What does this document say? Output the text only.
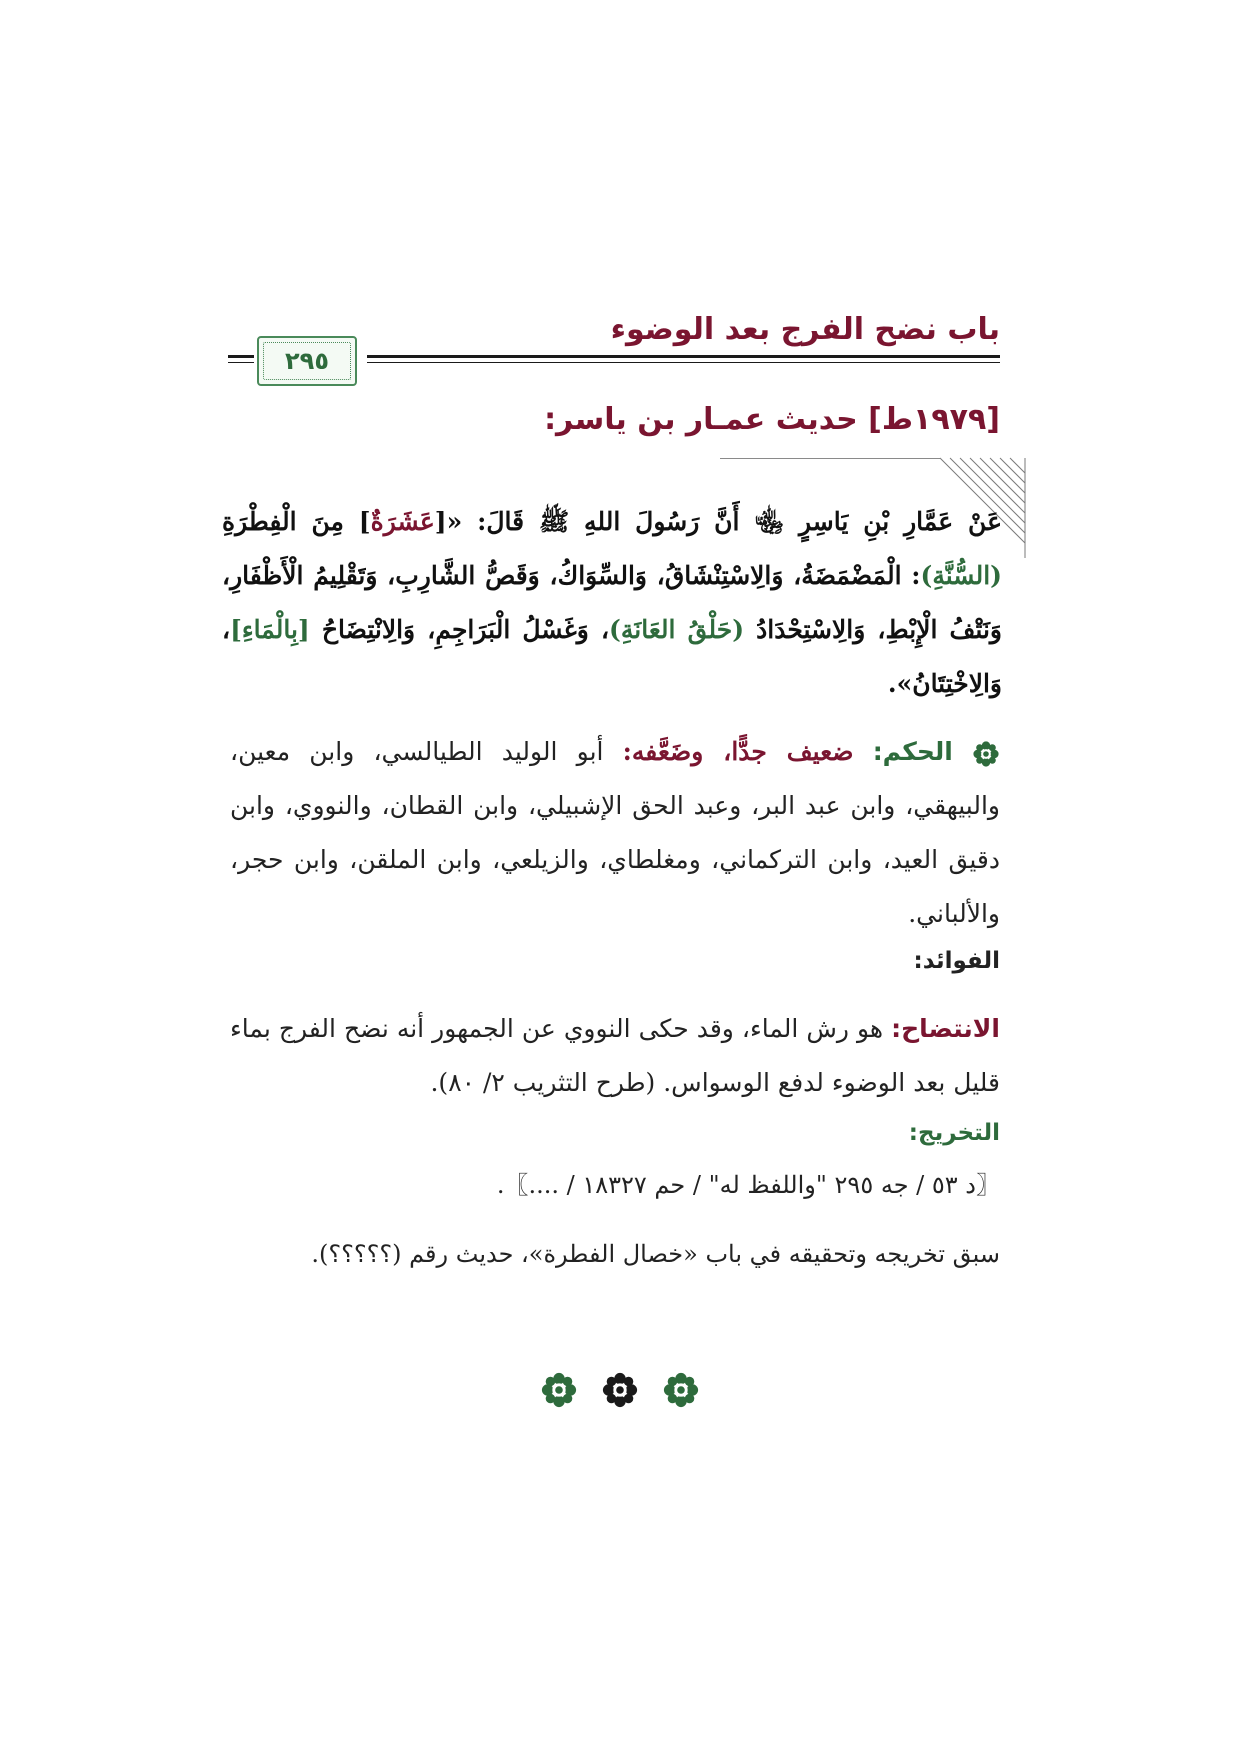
باب نضح الفرج بعد الوضوء
٢٩٥
[١٩٧٩ط] حديث عمـار بن ياسر:
عَنْ عَمَّارِ بْنِ يَاسِرٍ ﵄ أَنَّ رَسُولَ اللهِ ﷺ قَالَ: «[عَشَرَةٌ] مِنَ الْفِطْرَةِ (السُّنَّةِ): الْمَضْمَضَةُ، وَالِاسْتِنْشَاقُ، وَالسِّوَاكُ، وَقَصُّ الشَّارِبِ، وَتَقْلِيمُ الْأَظْفَارِ، وَنَتْفُ الْإِبْطِ، وَالِاسْتِحْدَادُ (حَلْقُ العَانَةِ)، وَغَسْلُ الْبَرَاجِمِ، وَالِانْتِضَاحُ [بِالْمَاءِ]، وَالِاخْتِتَانُ».
الحكم: ضعيف جدًّا، وضَعَّفه: أبو الوليد الطيالسي، وابن معين، والبيهقي، وابن عبد البر، وعبد الحق الإشبيلي، وابن القطان، والنووي، وابن دقيق العيد، وابن التركماني، ومغلطاي، والزيلعي، وابن الملقن، وابن حجر، والألباني.
الفوائد:
الانتضاح: هو رش الماء، وقد حكى النووي عن الجمهور أنه نضح الفرج بماء قليل بعد الوضوء لدفع الوسواس. (طرح التثريب ٢/ ٨٠).
التخريج:
〖د ٥٣ / جه ٢٩٥ "واللفظ له" / حم ١٨٣٢٧ / ....〗.
سبق تخريجه وتحقيقه في باب «خصال الفطرة»، حديث رقم (؟؟؟؟؟).
